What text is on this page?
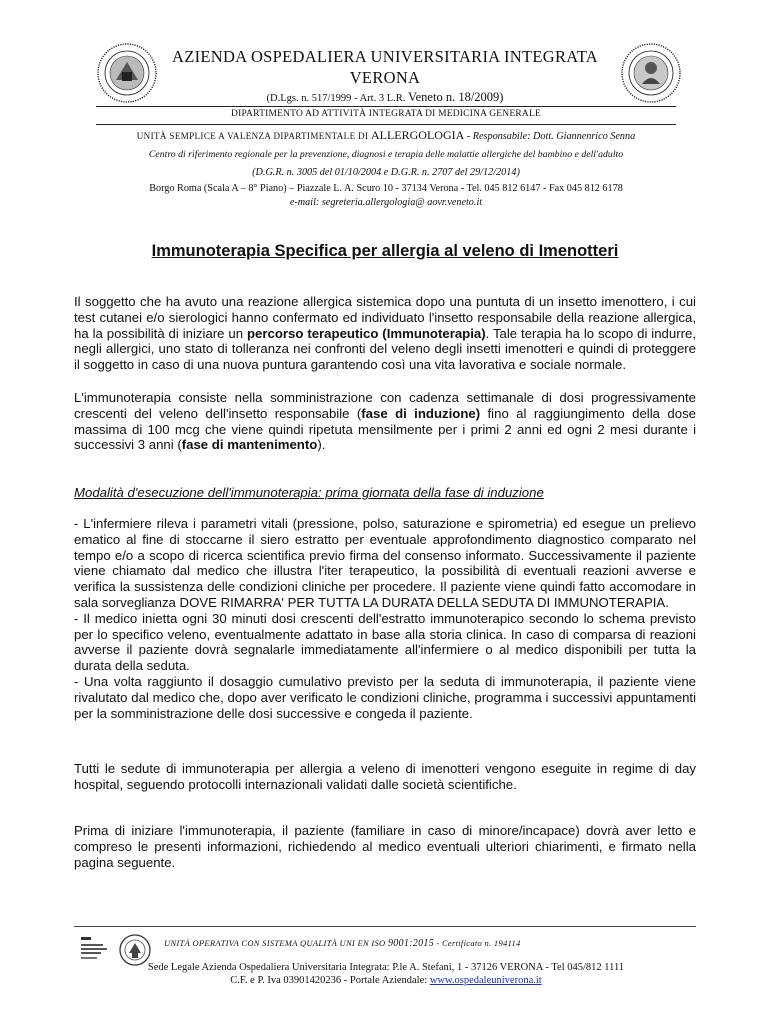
AZIENDA OSPEDALIERA UNIVERSITARIA INTEGRATA
VERONA
(D.Lgs. n. 517/1999 - Art. 3 L.R. Veneto n. 18/2009)
DIPARTIMENTO AD ATTIVITÀ INTEGRATA DI MEDICINA GENERALE
UNITÀ SEMPLICE A VALENZA DIPARTIMENTALE DI ALLERGOLOGIA - Responsabile: Dott. Giannenrico Senna
Centro di riferimento regionale per la prevenzione, diagnosi e terapia delle malattie allergiche del bambino e dell'adulto
(D.G.R. n. 3005 del 01/10/2004 e D.G.R. n. 2707 del 29/12/2014)
Borgo Roma (Scala A – 8° Piano) – Piazzale L. A. Scuro 10 - 37134 Verona - Tel. 045 812 6147 - Fax 045 812 6178
e-mail: segreteria.allergologia@ aovr.veneto.it
Immunoterapia Specifica per allergia al veleno di Imenotteri
Il soggetto che ha avuto una reazione allergica sistemica dopo una puntuta di un insetto imenottero, i cui test cutanei e/o sierologici hanno confermato ed individuato l'insetto responsabile della reazione allergica, ha la possibilità di iniziare un percorso terapeutico (Immunoterapia). Tale terapia ha lo scopo di indurre, negli allergici, uno stato di tolleranza nei confronti del veleno degli insetti imenotteri e quindi di proteggere il soggetto in caso di una nuova puntura garantendo così una vita lavorativa e sociale normale.
L'immunoterapia consiste nella somministrazione con cadenza settimanale di dosi progressivamente crescenti del veleno dell'insetto responsabile (fase di induzione) fino al raggiungimento della dose massima di 100 mcg che viene quindi ripetuta mensilmente per i primi 2 anni ed ogni 2 mesi durante i successivi 3 anni (fase di mantenimento).
Modalità d'esecuzione dell'immunoterapia: prima giornata della fase di induzione
- L'infermiere rileva i parametri vitali (pressione, polso, saturazione e spirometria) ed esegue un prelievo ematico al fine di stoccarne il siero estratto per eventuale approfondimento diagnostico comparato nel tempo e/o a scopo di ricerca scientifica previo firma del consenso informato. Successivamente il paziente viene chiamato dal medico che illustra l'iter terapeutico, la possibilità di eventuali reazioni avverse e verifica la sussistenza delle condizioni cliniche per procedere. Il paziente viene quindi fatto accomodare in sala sorveglianza DOVE RIMARRA' PER TUTTA LA DURATA DELLA SEDUTA DI IMMUNOTERAPIA.
- Il medico inietta ogni 30 minuti dosi crescenti dell'estratto immunoterapico secondo lo schema previsto per lo specifico veleno, eventualmente adattato in base alla storia clinica. In caso di comparsa di reazioni avverse il paziente dovrà segnalarle immediatamente all'infermiere o al medico disponibili per tutta la durata della seduta.
- Una volta raggiunto il dosaggio cumulativo previsto per la seduta di immunoterapia, il paziente viene rivalutato dal medico che, dopo aver verificato le condizioni cliniche, programma i successivi appuntamenti per la somministrazione delle dosi successive e congeda il paziente.
Tutti le sedute di immunoterapia per allergia a veleno di imenotteri vengono eseguite in regime di day hospital, seguendo protocolli internazionali validati dalle società scientifiche.
Prima di iniziare l'immunoterapia, il paziente (familiare in caso di minore/incapace) dovrà aver letto e compreso le presenti informazioni, richiedendo al medico eventuali ulteriori chiarimenti, e firmato nella pagina seguente.
UNITÀ OPERATIVA CON SISTEMA QUALITÀ UNI EN ISO 9001:2015 - Certificato n. 194114
Sede Legale Azienda Ospedaliera Universitaria Integrata: P.le A. Stefani, 1 - 37126 VERONA - Tel 045/812 1111
C.F. e P. Iva 03901420236 - Portale Aziendale: www.ospedaleuniverona.it
